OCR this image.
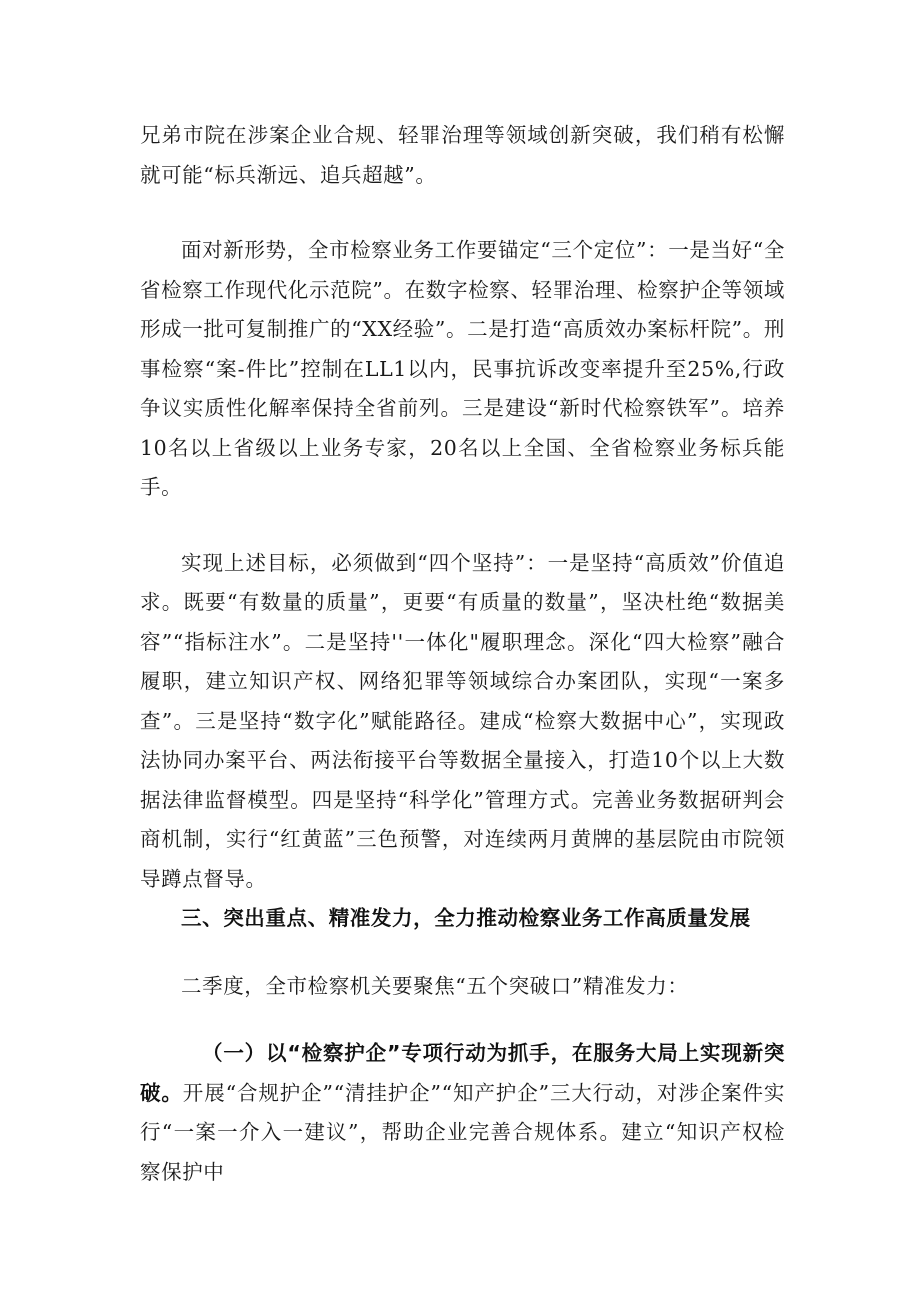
兄弟市院在涉案企业合规、轻罪治理等领域创新突破，我们稍有松懈就可能“标兵渐远、追兵超越”。

面对新形势，全市检察业务工作要锚定“三个定位”：一是当好“全省检察工作现代化示范院”。在数字检察、轻罪治理、检察护企等领域形成一批可复制推广的“XX经验”。二是打造“高质效办案标杆院”。刑事检察“案-件比”控制在LL1以内，民事抗诉改变率提升至25%,行政争议实质性化解率保持全省前列。三是建设“新时代检察铁军”。培养10名以上省级以上业务专家，20名以上全国、全省检察业务标兵能手。

实现上述目标，必须做到“四个坚持”：一是坚持“高质效”价值追求。既要“有数量的质量”，更要“有质量的数量”，坚决杜绝“数据美容”“指标注水”。二是坚持''一体化"履职理念。深化“四大检察”融合履职，建立知识产权、网络犯罪等领域综合办案团队，实现“一案多查”。三是坚持“数字化”赋能路径。建成“检察大数据中心”，实现政法协同办案平台、两法衔接平台等数据全量接入，打造10个以上大数据法律监督模型。四是坚持“科学化”管理方式。完善业务数据研判会商机制，实行“红黄蓝”三色预警，对连续两月黄牌的基层院由市院领导蹲点督导。

三、突出重点、精准发力，全力推动检察业务工作高质量发展

二季度，全市检察机关要聚焦“五个突破口”精准发力：

（一）以“检察护企”专项行动为抓手，在服务大局上实现新突破。开展“合规护企”“清挂护企”“知产护企”三大行动，对涉企案件实行“一案一介入一建议”，帮助企业完善合规体系。建立“知识产权检察保护中
